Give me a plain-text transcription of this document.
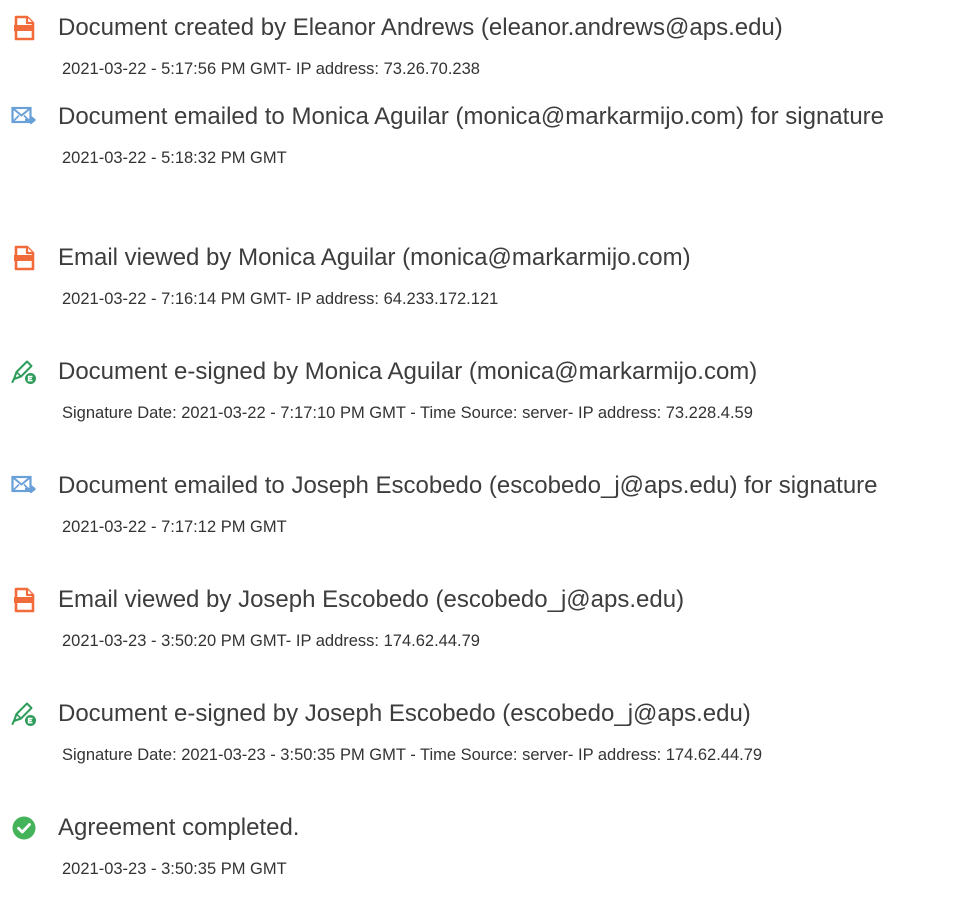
Document created by Eleanor Andrews (eleanor.andrews@aps.edu)
2021-03-22 - 5:17:56 PM GMT- IP address: 73.26.70.238
Document emailed to Monica Aguilar (monica@markarmijo.com) for signature
2021-03-22 - 5:18:32 PM GMT
Email viewed by Monica Aguilar (monica@markarmijo.com)
2021-03-22 - 7:16:14 PM GMT- IP address: 64.233.172.121
Document e-signed by Monica Aguilar (monica@markarmijo.com)
Signature Date: 2021-03-22 - 7:17:10 PM GMT - Time Source: server- IP address: 73.228.4.59
Document emailed to Joseph Escobedo (escobedo_j@aps.edu) for signature
2021-03-22 - 7:17:12 PM GMT
Email viewed by Joseph Escobedo (escobedo_j@aps.edu)
2021-03-23 - 3:50:20 PM GMT- IP address: 174.62.44.79
Document e-signed by Joseph Escobedo (escobedo_j@aps.edu)
Signature Date: 2021-03-23 - 3:50:35 PM GMT - Time Source: server- IP address: 174.62.44.79
Agreement completed.
2021-03-23 - 3:50:35 PM GMT
